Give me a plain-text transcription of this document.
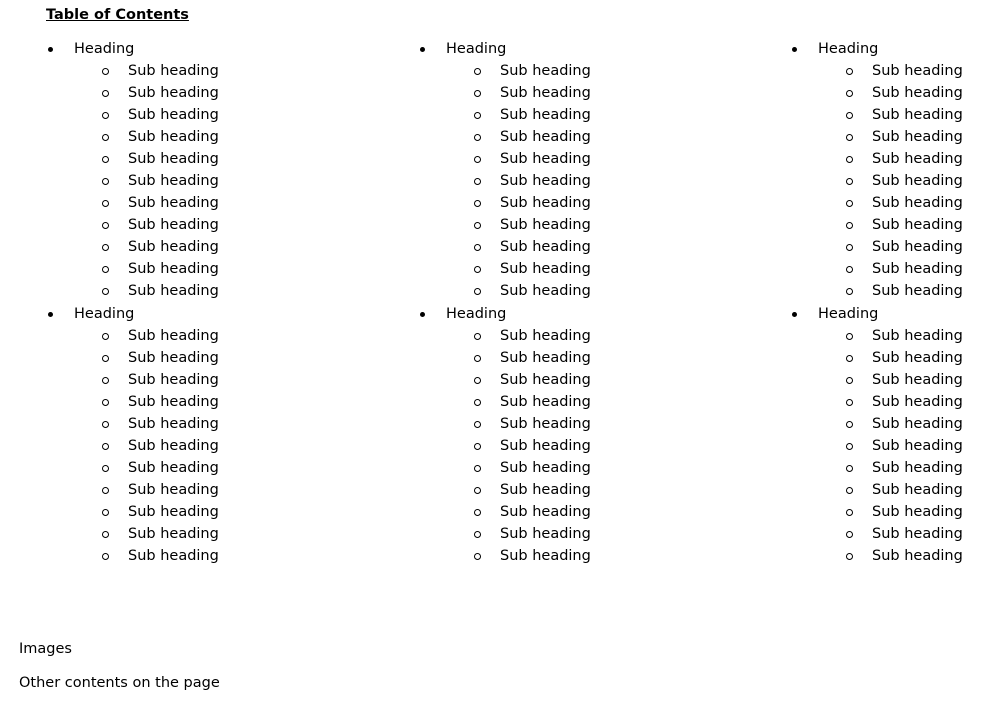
Table of Contents
Heading
Sub heading
Sub heading
Sub heading
Sub heading
Sub heading
Sub heading
Sub heading
Sub heading
Sub heading
Sub heading
Sub heading
Heading
Sub heading
Sub heading
Sub heading
Sub heading
Sub heading
Sub heading
Sub heading
Sub heading
Sub heading
Sub heading
Sub heading
Heading
Sub heading
Sub heading
Sub heading
Sub heading
Sub heading
Sub heading
Sub heading
Sub heading
Sub heading
Sub heading
Sub heading
Heading
Sub heading
Sub heading
Sub heading
Sub heading
Sub heading
Sub heading
Sub heading
Sub heading
Sub heading
Sub heading
Sub heading
Heading
Sub heading
Sub heading
Sub heading
Sub heading
Sub heading
Sub heading
Sub heading
Sub heading
Sub heading
Sub heading
Sub heading
Heading
Sub heading
Sub heading
Sub heading
Sub heading
Sub heading
Sub heading
Sub heading
Sub heading
Sub heading
Sub heading
Sub heading
Images
Other contents on the page
